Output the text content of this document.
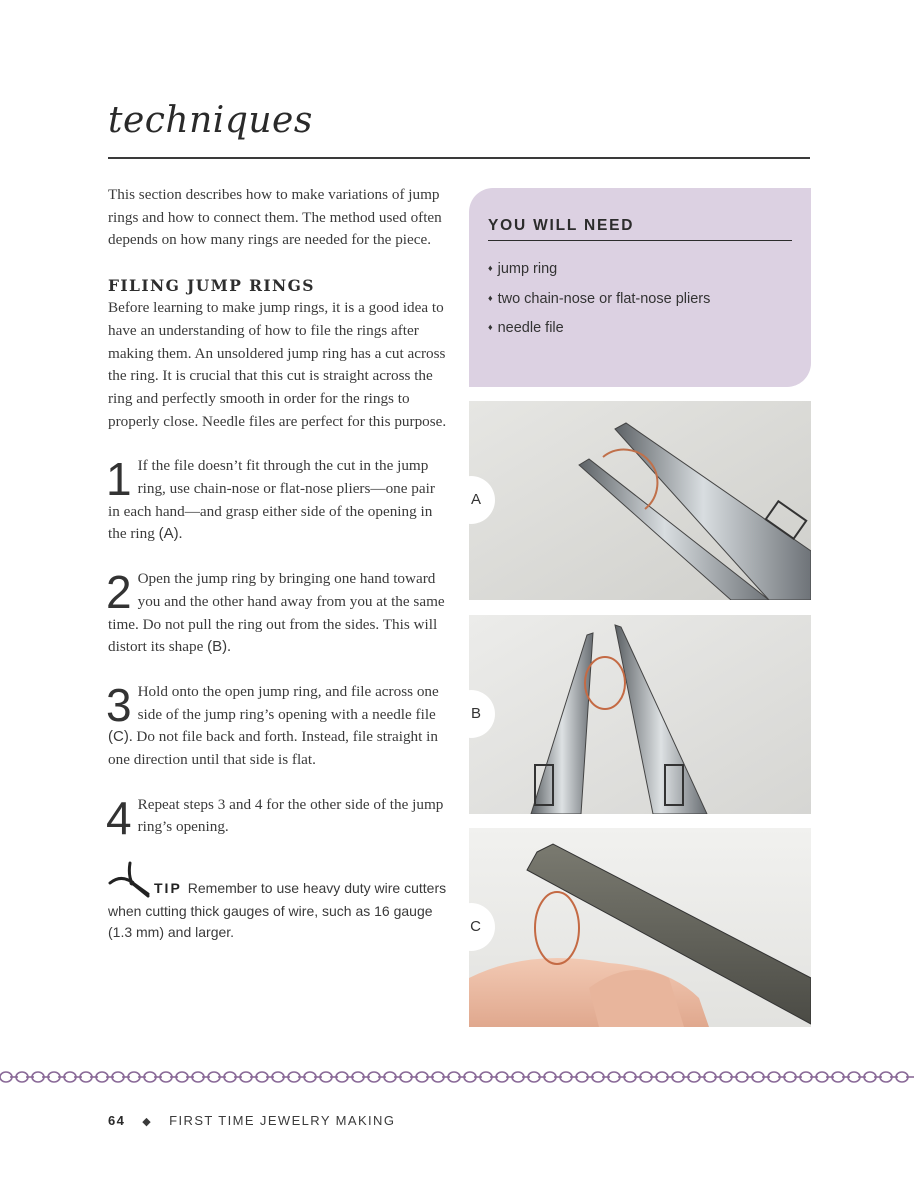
techniques

This section describes how to make variations of jump rings and how to connect them. The method used often depends on how many rings are needed for the piece.

FILING JUMP RINGS

Before learning to make jump rings, it is a good idea to have an understanding of how to file the rings after making them. An unsoldered jump ring has a cut across the ring. It is crucial that this cut is straight across the ring and perfectly smooth in order for the rings to properly close. Needle files are perfect for this purpose.

1 If the file doesn’t fit through the cut in the jump ring, use chain-nose or flat-nose pliers—one pair in each hand—and grasp either side of the opening in the ring (A).

2 Open the jump ring by bringing one hand toward you and the other hand away from you at the same time. Do not pull the ring out from the sides. This will distort its shape (B).

3 Hold onto the open jump ring, and file across one side of the jump ring’s opening with a needle file (C). Do not file back and forth. Instead, file straight in one direction until that side is flat.

4 Repeat steps 3 and 4 for the other side of the jump ring’s opening.

TIP Remember to use heavy duty wire cutters when cutting thick gauges of wire, such as 16 gauge (1.3 mm) and larger.

YOU WILL NEED
♦ jump ring
♦ two chain-nose or flat-nose pliers
♦ needle file
A
B
C
64 ◆ FIRST TIME JEWELRY MAKING
